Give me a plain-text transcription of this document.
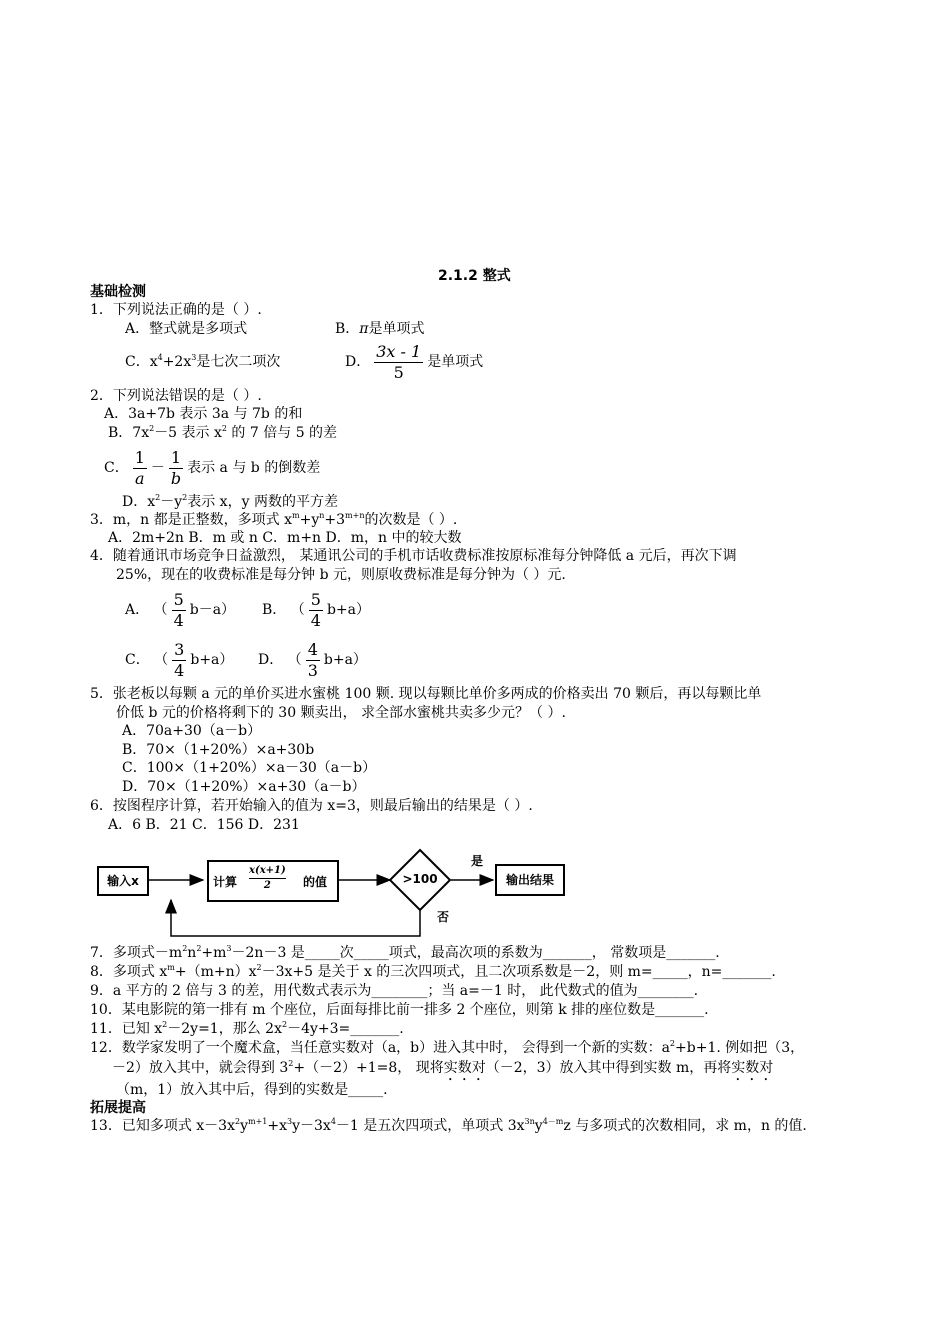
2.1.2 整式
基础检测
1．下列说法正确的是（ ）.
A．整式就是多项式	B．π是单项式
C．$x^4+2x^3$是七次二项次	D． $\frac{3x - 1}{5}$ 是单项式
2．下列说法错误的是（ ）.
A．3a+7b 表示 3a 与 7b 的和
B．$7x^2-5$ 表示 $x^2$ 的 7 倍与 5 的差
C． $\frac{1}{a} - \frac{1}{b}$ 表示 a 与 b 的倒数差
D．$x^2-y^2$表示 x，y 两数的平方差
3．m，n 都是正整数，多项式 $x^m+y^n+3^{m+n}$的次数是（ ）.
A．2m+2n B．m 或 n C．m+n D．m，n 中的较大数
4．随着通讯市场竞争日益激烈， 某通讯公司的手机市话收费标准按原标准每分钟降低 a 元后，再次下调
25%，现在的收费标准是每分钟 b 元，则原收费标准是每分钟为（ ）元.
A． （ $\frac{5}{4} b-a$） B． （ $\frac{5}{4} b+a$）
C． （ $\frac{3}{4} b+a$） D． （ $\frac{4}{3} b+a$）
5．张老板以每颗 a 元的单价买进水蜜桃 100 颗. 现以每颗比单价多两成的价格卖出 70 颗后，再以每颗比单
价低 b 元的价格将剩下的 30 颗卖出， 求全部水蜜桃共卖多少元？（ ）.
A．70a+30（a－b）
B．70×（1+20%）×a+30b
C．100×（1+20%）×a－30（a－b）
D．70×（1+20%）×a+30（a－b）
6．按图程序计算，若开始输入的值为 x=3，则最后输出的结果是（ ）.
A．6 B．21 C．156 D．231
输入x	计算 $\frac{x(x+1)}{2}$ 的值	>100
是
否
输出结果
7．多项式$-m^2n^2+m^3-2n-3$ 是_____次_____项式，最高次项的系数为_______， 常数项是_______.
8．多项式 $x^m+(m+n)x^2-3x+5$ 是关于 x 的三次四项式，且二次项系数是－2，则 m=_____，n=_______.
9．a 平方的 2 倍与 3 的差，用代数式表示为________；当 a=－1 时， 此代数式的值为________.
10．某电影院的第一排有 m 个座位，后面每排比前一排多 2 个座位，则第 k 排的座位数是_______.
11．已知 $x^2-2y=1$，那么 $2x^2-4y+3=\_\_\_\_\_\_\_$.
12．数学家发明了一个魔术盒，当任意实数对（a，b）进入其中时， 会得到一个新的实数：$a^2+b+1$. 例如把（3，
－2）放入其中，就会得到 $3^2+(-2)+1=8$， 现将实数对（－2，3）放入其中得到实数 m，再将实数对
（m，1）放入其中后，得到的实数是_____.
拓展提高
13．已知多项式 $x-3x^2y^{m+1}+x^3y-3x^4-1$ 是五次四项式，单项式 $3x^{3n}y^{4-m}z$ 与多项式的次数相同，求 m，n 的值.
